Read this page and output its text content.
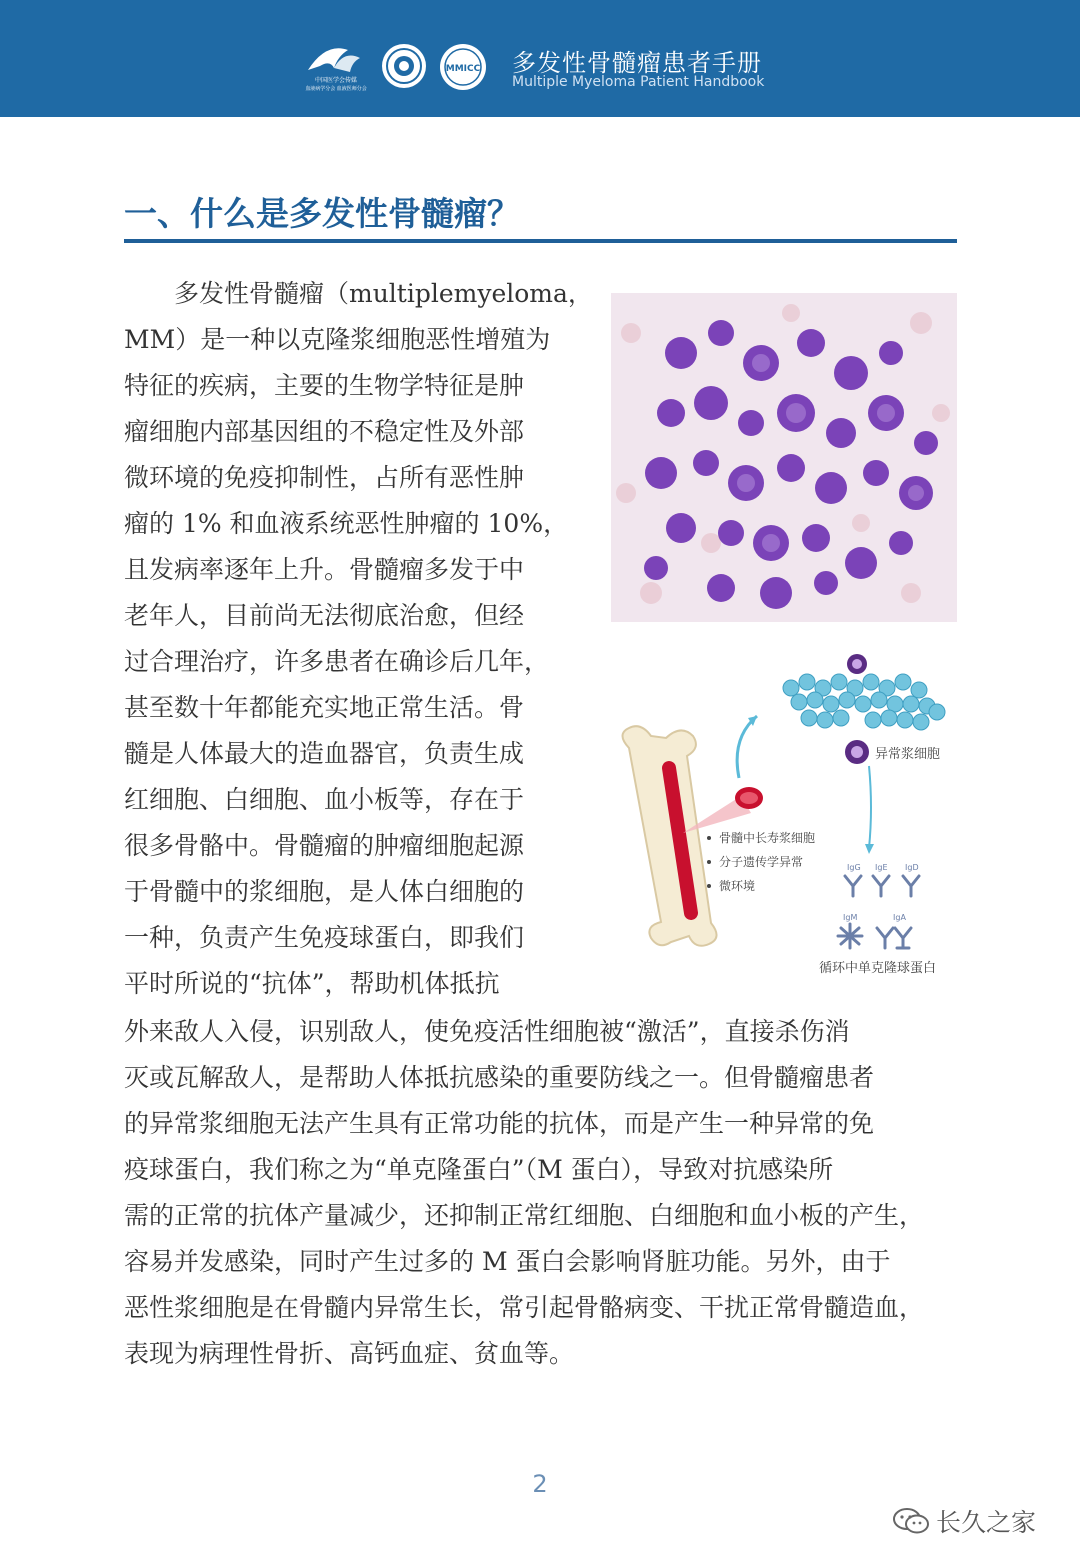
中国医学会传媒
血液病学分会 血液医师分会
MMICC 多发性骨髓瘤患者手册
Multiple Myeloma Patient Handbook
一、什么是多发性骨髓瘤？
　　多发性骨髓瘤（multiplemyeloma，
MM）是一种以克隆浆细胞恶性增殖为
特征的疾病，主要的生物学特征是肿
瘤细胞内部基因组的不稳定性及外部
微环境的免疫抑制性，占所有恶性肿
瘤的 1% 和血液系统恶性肿瘤的 10%，
且发病率逐年上升。骨髓瘤多发于中
老年人，目前尚无法彻底治愈，但经
过合理治疗，许多患者在确诊后几年，
甚至数十年都能充实地正常生活。骨
髓是人体最大的造血器官，负责生成
红细胞、白细胞、血小板等，存在于
很多骨骼中。骨髓瘤的肿瘤细胞起源
于骨髓中的浆细胞，是人体白细胞的
一种，负责产生免疫球蛋白，即我们
平时所说的“抗体”，帮助机体抵抗
外来敌人入侵，识别敌人，使免疫活性细胞被“激活”，直接杀伤消
灭或瓦解敌人，是帮助人体抵抗感染的重要防线之一。但骨髓瘤患者
的异常浆细胞无法产生具有正常功能的抗体，而是产生一种异常的免
疫球蛋白，我们称之为“单克隆蛋白”（M 蛋白），导致对抗感染所
需的正常的抗体产量减少，还抑制正常红细胞、白细胞和血小板的产生，
容易并发感染，同时产生过多的 M 蛋白会影响肾脏功能。另外，由于
恶性浆细胞是在骨髓内异常生长，常引起骨骼病变、干扰正常骨髓造血，
表现为病理性骨折、高钙血症、贫血等。
异常浆细胞
骨髓中长寿浆细胞
分子遗传学异常
微环境
IgG IgE IgD
IgM	IgA
循环中单克隆球蛋白
2
长久之家
